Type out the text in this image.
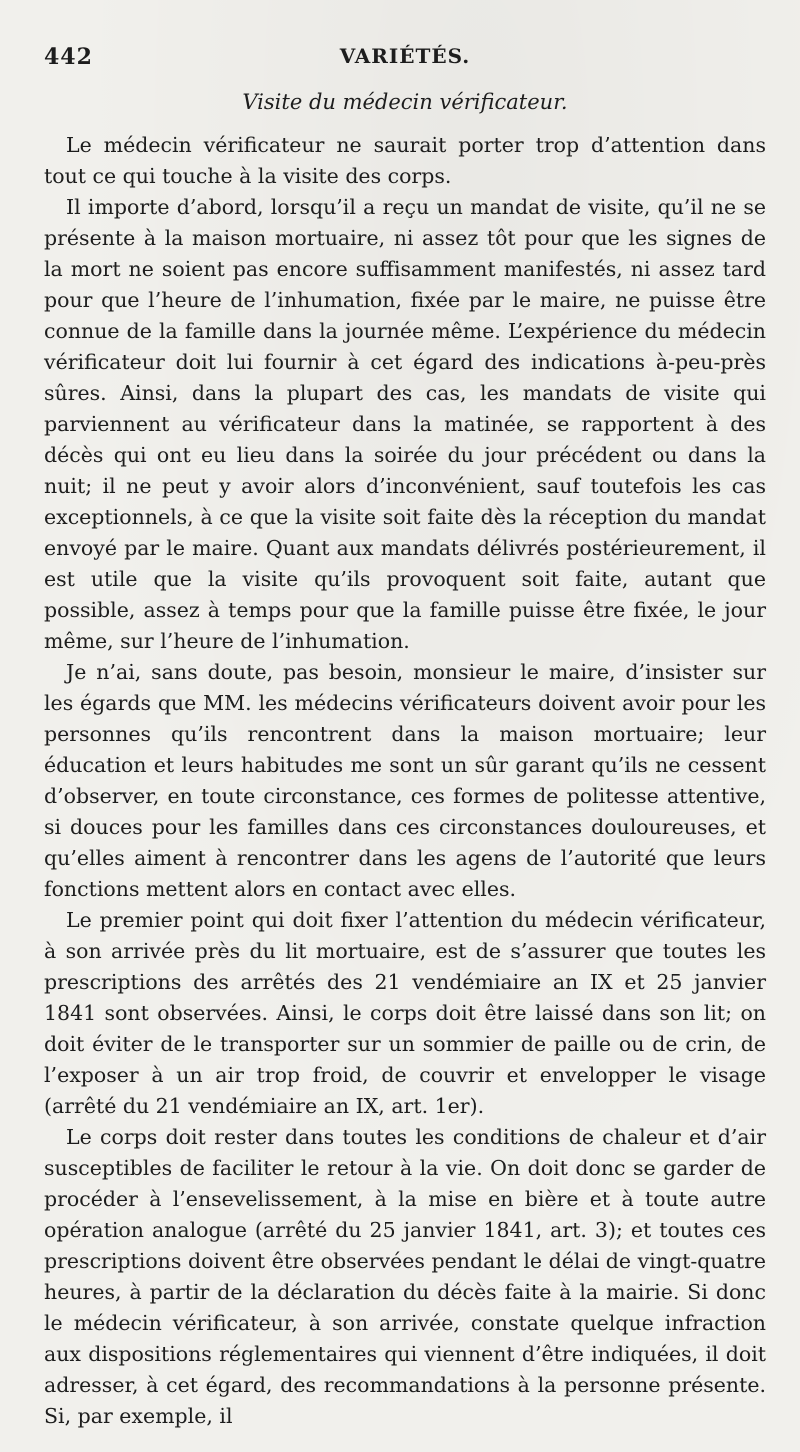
442	VARIÉTÉS.
Visite du médecin vérificateur.

Le médecin vérificateur ne saurait porter trop d’attention dans tout ce qui touche à la visite des corps.

Il importe d’abord, lorsqu’il a reçu un mandat de visite, qu’il ne se présente à la maison mortuaire, ni assez tôt pour que les signes de la mort ne soient pas encore suffisamment manifestés, ni assez tard pour que l’heure de l’inhumation, fixée par le maire, ne puisse être connue de la famille dans la journée même. L’expérience du médecin vérificateur doit lui fournir à cet égard des indications à-peu-près sûres. Ainsi, dans la plupart des cas, les mandats de visite qui parviennent au vérificateur dans la matinée, se rapportent à des décès qui ont eu lieu dans la soirée du jour précédent ou dans la nuit; il ne peut y avoir alors d’inconvénient, sauf toutefois les cas exceptionnels, à ce que la visite soit faite dès la réception du mandat envoyé par le maire. Quant aux mandats délivrés postérieurement, il est utile que la visite qu’ils provoquent soit faite, autant que possible, assez à temps pour que la famille puisse être fixée, le jour même, sur l’heure de l’inhumation.

Je n’ai, sans doute, pas besoin, monsieur le maire, d’insister sur les égards que MM. les médecins vérificateurs doivent avoir pour les personnes qu’ils rencontrent dans la maison mortuaire; leur éducation et leurs habitudes me sont un sûr garant qu’ils ne cessent d’observer, en toute circonstance, ces formes de politesse attentive, si douces pour les familles dans ces circonstances douloureuses, et qu’elles aiment à rencontrer dans les agens de l’autorité que leurs fonctions mettent alors en contact avec elles.

Le premier point qui doit fixer l’attention du médecin vérificateur, à son arrivée près du lit mortuaire, est de s’assurer que toutes les prescriptions des arrêtés des 21 vendémiaire an IX et 25 janvier 1841 sont observées. Ainsi, le corps doit être laissé dans son lit; on doit éviter de le transporter sur un sommier de paille ou de crin, de l’exposer à un air trop froid, de couvrir et envelopper le visage (arrêté du 21 vendémiaire an IX, art. 1er).

Le corps doit rester dans toutes les conditions de chaleur et d’air susceptibles de faciliter le retour à la vie. On doit donc se garder de procéder à l’ensevelissement, à la mise en bière et à toute autre opération analogue (arrêté du 25 janvier 1841, art. 3); et toutes ces prescriptions doivent être observées pendant le délai de vingt-quatre heures, à partir de la déclaration du décès faite à la mairie. Si donc le médecin vérificateur, à son arrivée, constate quelque infraction aux dispositions réglementaires qui viennent d’être indiquées, il doit adresser, à cet égard, des recommandations à la personne présente. Si, par exemple, il
